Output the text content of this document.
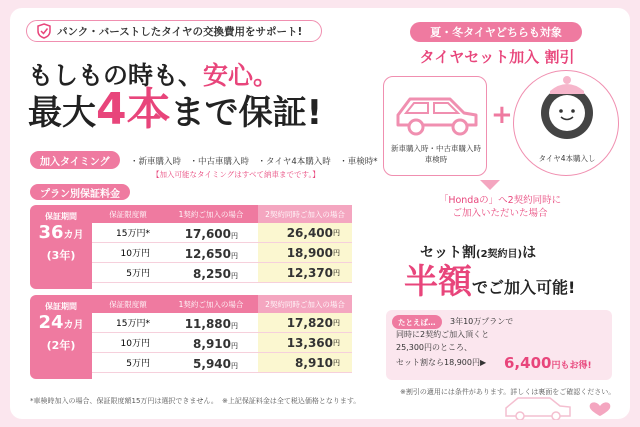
パンク・バーストしたタイヤの交換費用をサポート!
もしもの時も、安心。
最大4本まで保証!
加入タイミング	・新車購入時　・中古車購入時　・タイヤ4本購入時　・車検時*
【加入可能なタイミングはすべて納車までです。】
プラン別保証料金
保証期間
36カ月
(3年)
保証限度額	1契約ご加入の場合	2契約同時ご加入の場合
15万円*	17,600円	26,400 円
10万円	12,650円	18,900 円
5万円	8,250円	12,370 円
保証期間
24カ月
(2年)
保証限度額	1契約ご加入の場合	2契約同時ご加入の場合
15万円*	11,880円	17,820 円
10万円	8,910円	13,360 円
5万円	5,940円	8,910 円
*車検時加入の場合、保証限度額15万円は選択できません。 ※上記保証料金は全て税込価格となります。
夏・冬タイヤどちらも対象
タイヤセット加入 割引
新車購入時・中古車購入時
車検時
+
タイヤ4本購入し
「Hondaの」へ2契約同時に
ご加入いただいた場合
セット割(2契約目)は
半額でご加入可能!
たとえば…	3年10万プランで
同時に2契約ご加入頂くと
25,300円のところ、
セット割なら18,900円▶ 6,400円もお得!
※割引の適用には条件があります。詳しくは裏面をご確認ください。
